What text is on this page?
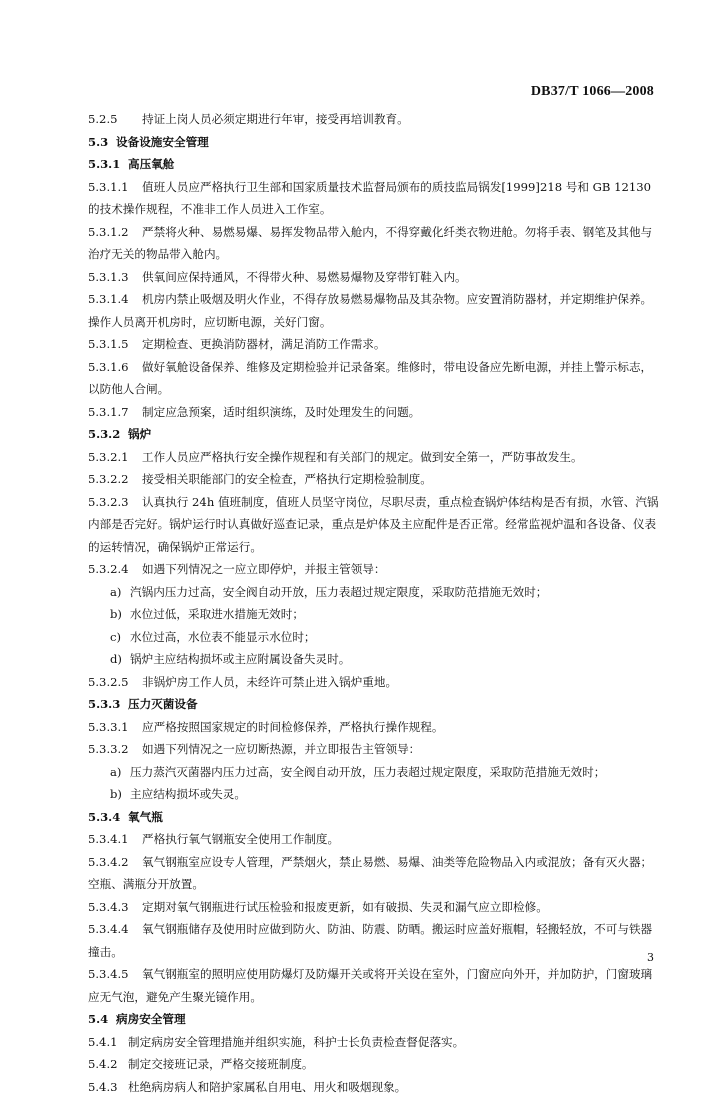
DB37/T 1066—2008
5.2.5 持证上岗人员必须定期进行年审，接受再培训教育。
5.3 设备设施安全管理
5.3.1 高压氧舱
5.3.1.1 值班人员应严格执行卫生部和国家质量技术监督局颁布的质技监局锅发[1999]218 号和 GB 12130 的技术操作规程，不准非工作人员进入工作室。
5.3.1.2 严禁将火种、易燃易爆、易挥发物品带入舱内，不得穿戴化纤类衣物进舱。勿将手表、钢笔及其他与治疗无关的物品带入舱内。
5.3.1.3 供氧间应保持通风，不得带火种、易燃易爆物及穿带钉鞋入内。
5.3.1.4 机房内禁止吸烟及明火作业，不得存放易燃易爆物品及其杂物。应安置消防器材，并定期维护保养。操作人员离开机房时，应切断电源，关好门窗。
5.3.1.5 定期检查、更换消防器材，满足消防工作需求。
5.3.1.6 做好氧舱设备保养、维修及定期检验并记录备案。维修时，带电设备应先断电源，并挂上警示标志，以防他人合闸。
5.3.1.7 制定应急预案，适时组织演练，及时处理发生的问题。
5.3.2 锅炉
5.3.2.1 工作人员应严格执行安全操作规程和有关部门的规定。做到安全第一，严防事故发生。
5.3.2.2 接受相关职能部门的安全检查，严格执行定期检验制度。
5.3.2.3 认真执行 24h 值班制度，值班人员坚守岗位，尽职尽责，重点检查锅炉体结构是否有损，水管、汽锅内部是否完好。锅炉运行时认真做好巡查记录，重点是炉体及主应配件是否正常。经常监视炉温和各设备、仪表的运转情况，确保锅炉正常运行。
5.3.2.4 如遇下列情况之一应立即停炉，并报主管领导：
a) 汽锅内压力过高，安全阀自动开放，压力表超过规定限度，采取防范措施无效时；
b) 水位过低，采取进水措施无效时；
c) 水位过高，水位表不能显示水位时；
d) 锅炉主应结构损坏或主应附属设备失灵时。
5.3.2.5 非锅炉房工作人员，未经许可禁止进入锅炉重地。
5.3.3 压力灭菌设备
5.3.3.1 应严格按照国家规定的时间检修保养，严格执行操作规程。
5.3.3.2 如遇下列情况之一应切断热源，并立即报告主管领导：
a) 压力蒸汽灭菌器内压力过高，安全阀自动开放，压力表超过规定限度，采取防范措施无效时；
b) 主应结构损坏或失灵。
5.3.4 氧气瓶
5.3.4.1 严格执行氧气钢瓶安全使用工作制度。
5.3.4.2 氧气钢瓶室应设专人管理，严禁烟火，禁止易燃、易爆、油类等危险物品入内或混放；备有灭火器；空瓶、满瓶分开放置。
5.3.4.3 定期对氧气钢瓶进行试压检验和报废更新，如有破损、失灵和漏气应立即检修。
5.3.4.4 氧气钢瓶储存及使用时应做到防火、防油、防震、防晒。搬运时应盖好瓶帽，轻搬轻放，不可与铁器撞击。
5.3.4.5 氧气钢瓶室的照明应使用防爆灯及防爆开关或将开关设在室外，门窗应向外开，并加防护，门窗玻璃应无气泡，避免产生聚光镜作用。
5.4 病房安全管理
5.4.1 制定病房安全管理措施并组织实施，科护士长负责检查督促落实。
5.4.2 制定交接班记录，严格交接班制度。
5.4.3 杜绝病房病人和陪护家属私自用电、用火和吸烟现象。
3
